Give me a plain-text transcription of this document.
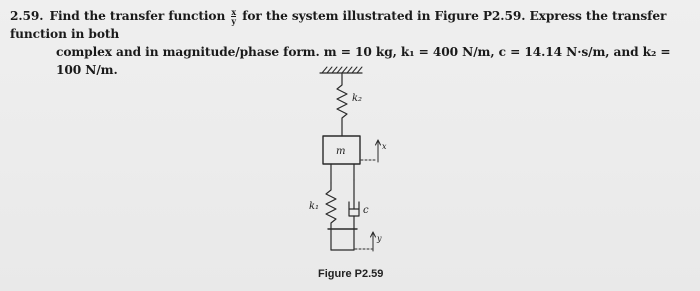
2.59. Find the transfer function $\frac{x}{y}$ for the system illustrated in Figure P2.59. Express the transfer function in both
complex and in magnitude/phase form. m = 10 kg, k₁ = 400 N/m, c = 14.14 N·s/m, and k₂ = 100 N/m.
k₂
m	x
k₁	c
y
Figure P2.59
